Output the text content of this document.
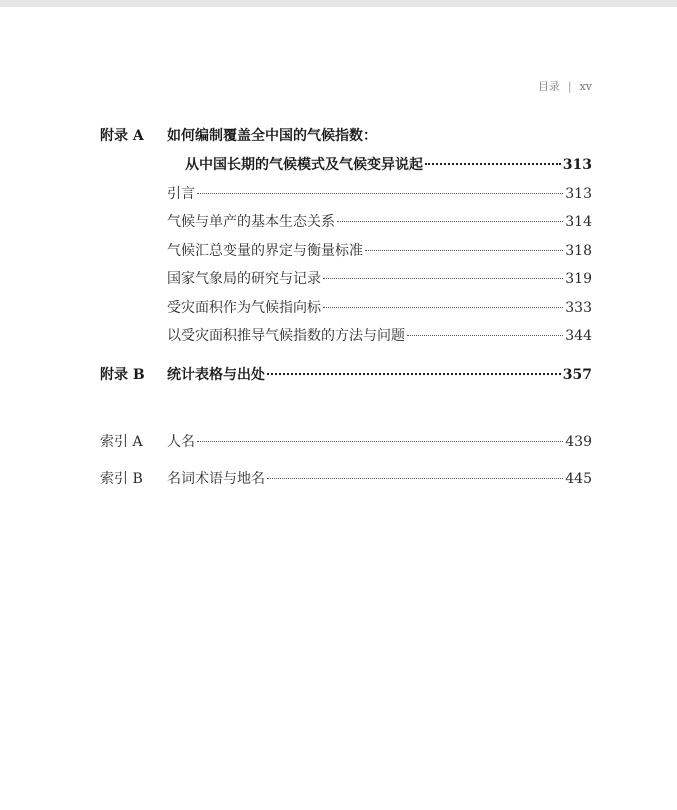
目录 | xv
附录 A 如何编制覆盖全中国的气候指数：
从中国长期的气候模式及气候变异说起	313
引言	313
气候与单产的基本生态关系	314
气候汇总变量的界定与衡量标准	318
国家气象局的研究与记录	319
受灾面积作为气候指向标	333
以受灾面积推导气候指数的方法与问题	344
附录 B 统计表格与出处	357
索引 A 人名	439
索引 B 名词术语与地名	445
